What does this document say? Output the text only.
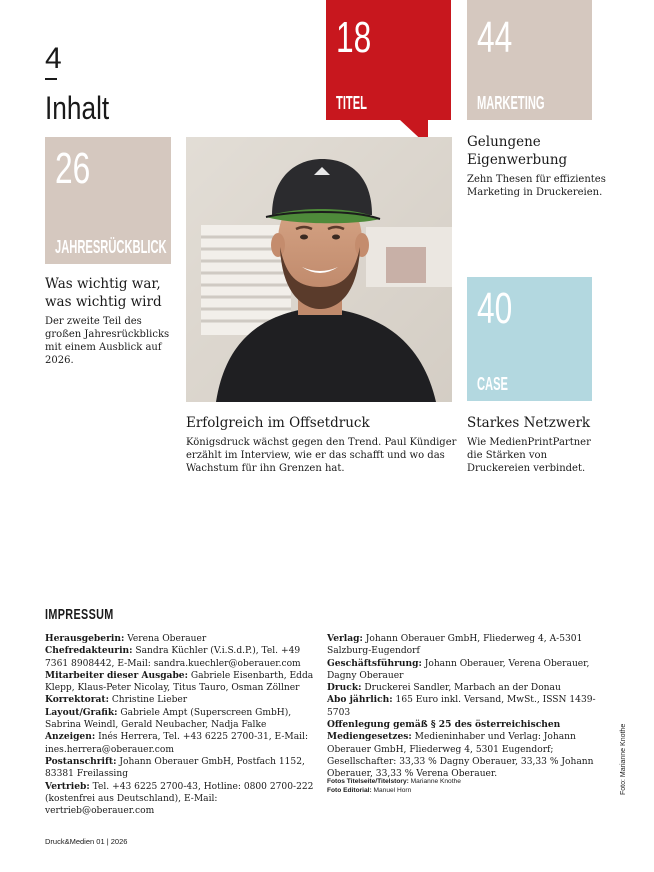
4
Inhalt
18
TITEL
44
MARKETING
26
JAHRESRÜCKBLICK
40
CASE
Was wichtig war, was wichtig wird
Der zweite Teil des großen Jahresrückblicks mit einem Ausblick auf 2026.
Gelungene Eigenwerbung
Zehn Thesen für effizientes Marketing in Druckereien.
Erfolgreich im Offsetdruck
Königsdruck wächst gegen den Trend. Paul Kündiger erzählt im Interview, wie er das schafft und wo das Wachstum für ihn Grenzen hat.
Starkes Netzwerk
Wie MedienPrintPartner die Stärken von Druckereien verbindet.
IMPRESSUM
Herausgeberin: Verena Oberauer
Chefredakteurin: Sandra Küchler (V.i.S.d.P.), Tel. +49 7361 8908442, E-Mail: sandra.kuechler@oberauer.com
Mitarbeiter dieser Ausgabe: Gabriele Eisenbarth, Edda Klepp, Klaus-Peter Nicolay, Titus Tauro, Osman Zöllner
Korrektorat: Christine Lieber
Layout/Grafik: Gabriele Ampt (Superscreen GmbH), Sabrina Weindl, Gerald Neubacher, Nadja Falke
Anzeigen: Inés Herrera, Tel. +43 6225 2700-31, E-Mail: ines.herrera@oberauer.com
Postanschrift: Johann Oberauer GmbH, Postfach 1152, 83381 Freilassing
Vertrieb: Tel. +43 6225 2700-43, Hotline: 0800 2700-222 (kostenfrei aus Deutschland), E-Mail: vertrieb@oberauer.com
Verlag: Johann Oberauer GmbH, Fliederweg 4, A-5301 Salzburg-Eugendorf
Geschäftsführung: Johann Oberauer, Verena Oberauer, Dagny Oberauer
Druck: Druckerei Sandler, Marbach an der Donau
Abo jährlich: 165 Euro inkl. Versand, MwSt., ISSN 1439-5703
Offenlegung gemäß § 25 des österreichischen Mediengesetzes: Medieninhaber und Verlag: Johann Oberauer GmbH, Fliederweg 4, 5301 Eugendorf; Gesellschafter: 33,33 % Dagny Oberauer, 33,33 % Johann Oberauer, 33,33 % Verena Oberauer.
Fotos Titelseite/Titelstory: Marianne Knothe
Foto Editorial: Manuel Horn	Foto: Marianne Knothe
Druck&Medien 01 | 2026
